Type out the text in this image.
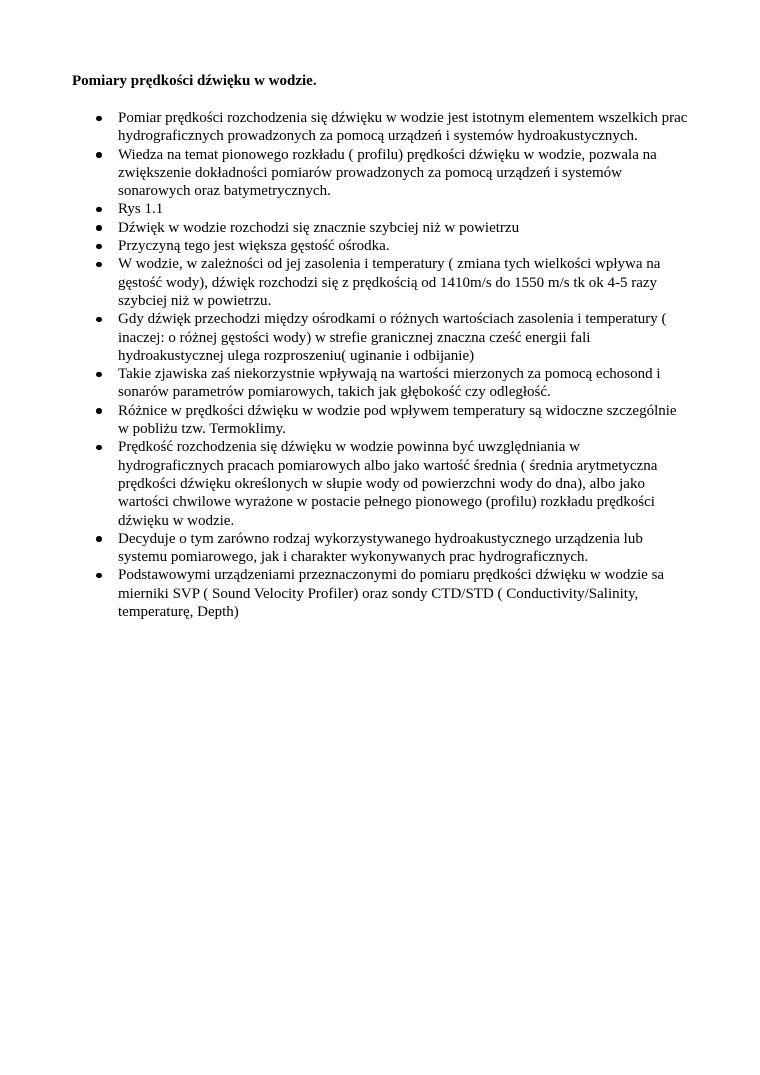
Pomiary prędkości dźwięku w wodzie.
Pomiar prędkości rozchodzenia się dźwięku w wodzie jest istotnym elementem wszelkich prac hydrograficznych prowadzonych za pomocą urządzeń i systemów hydroakustycznych.
Wiedza na temat pionowego rozkładu ( profilu) prędkości dźwięku w wodzie, pozwala na zwiększenie dokładności pomiarów prowadzonych za pomocą urządzeń i systemów sonarowych oraz batymetrycznych.
Rys 1.1
Dźwięk w wodzie rozchodzi się znacznie szybciej niż w powietrzu
Przyczyną tego jest większa gęstość ośrodka.
W wodzie, w zależności od jej zasolenia i temperatury ( zmiana tych wielkości wpływa na gęstość wody), dźwięk rozchodzi się z prędkością od 1410m/s do 1550 m/s tk ok 4-5 razy szybciej niż w powietrzu.
Gdy dźwięk przechodzi między ośrodkami o różnych wartościach zasolenia i temperatury ( inaczej: o różnej gęstości wody) w strefie granicznej znaczna cześć energii fali hydroakustycznej ulega rozproszeniu( uginanie i odbijanie)
Takie zjawiska zaś niekorzystnie wpływają na wartości mierzonych za pomocą echosond i sonarów parametrów pomiarowych, takich jak głębokość czy odległość.
Różnice w prędkości dźwięku w wodzie pod wpływem temperatury są widoczne szczególnie w pobliżu tzw. Termoklimy.
Prędkość rozchodzenia się dźwięku w wodzie powinna być uwzględniania w hydrograficznych pracach pomiarowych albo jako wartość średnia ( średnia arytmetyczna prędkości dźwięku określonych w słupie wody od powierzchni wody do dna), albo jako wartości chwilowe wyrażone w postacie pełnego pionowego (profilu) rozkładu prędkości dźwięku w wodzie.
Decyduje o tym zarówno rodzaj wykorzystywanego hydroakustycznego urządzenia lub systemu pomiarowego, jak i charakter wykonywanych prac hydrograficznych.
Podstawowymi urządzeniami przeznaczonymi do pomiaru prędkości dźwięku w wodzie sa mierniki SVP ( Sound Velocity Profiler) oraz sondy CTD/STD ( Conductivity/Salinity, temperaturę, Depth)
